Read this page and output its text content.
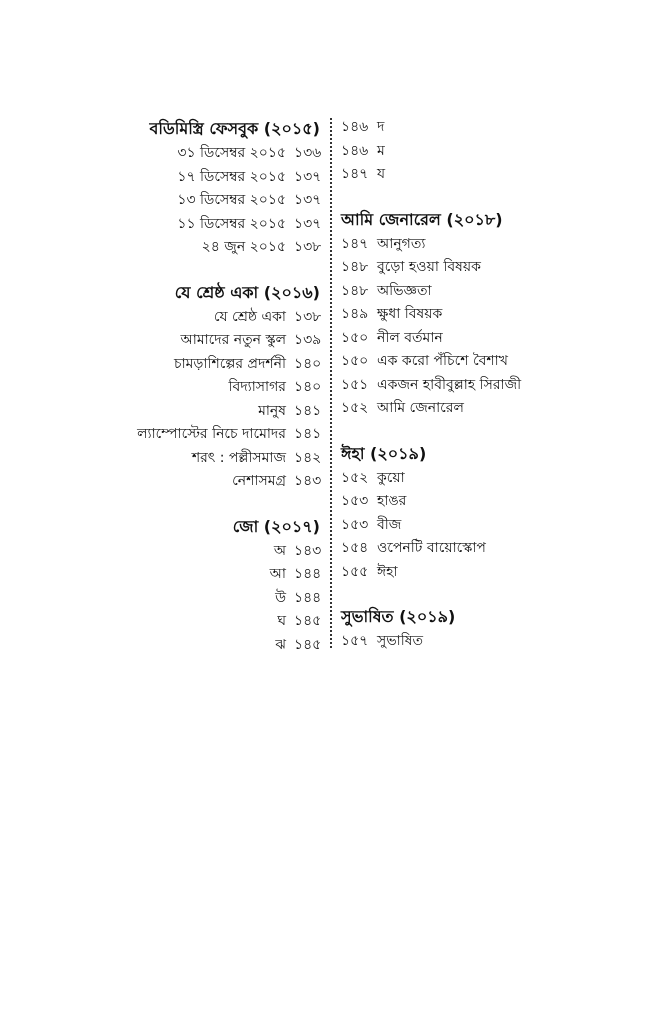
বডিমিস্ত্রি ফেসবুক (২০১৫)
৩১ ডিসেম্বর ২০১৫ ১৩৬
১৭ ডিসেম্বর ২০১৫ ১৩৭
১৩ ডিসেম্বর ২০১৫ ১৩৭
১১ ডিসেম্বর ২০১৫ ১৩৭
২৪ জুন ২০১৫ ১৩৮
যে শ্রেষ্ঠ একা (২০১৬)
যে শ্রেষ্ঠ একা ১৩৮
আমাদের নতুন স্কুল ১৩৯
চামড়াশিল্পের প্রদর্শনী ১৪০
বিদ্যাসাগর ১৪০
মানুষ ১৪১
ল্যাম্পোস্টের নিচে দামোদর ১৪১
শরৎ : পল্লীসমাজ ১৪২
নেশাসমগ্র ১৪৩
জো (২০১৭)
অ ১৪৩
আ ১৪৪
উ ১৪৪
ঘ ১৪৫
ঝ ১৪৫
১৪৬ দ
১৪৬ ম
১৪৭ য
আমি জেনারেল (২০১৮)
১৪৭ আনুগত্য
১৪৮ বুড়ো হওয়া বিষয়ক
১৪৮ অভিজ্ঞতা
১৪৯ ক্ষুধা বিষয়ক
১৫০ নীল বর্তমান
১৫০ এক করো পঁচিশে বৈশাখ
১৫১ একজন হাবীবুল্লাহ সিরাজী
১৫২ আমি জেনারেল
ঈহা (২০১৯)
১৫২ কুয়ো
১৫৩ হাঙর
১৫৩ বীজ
১৫৪ ওপেনটি বায়োস্কোপ
১৫৫ ঈহা
সুভাষিত (২০১৯)
১৫৭ সুভাষিত
